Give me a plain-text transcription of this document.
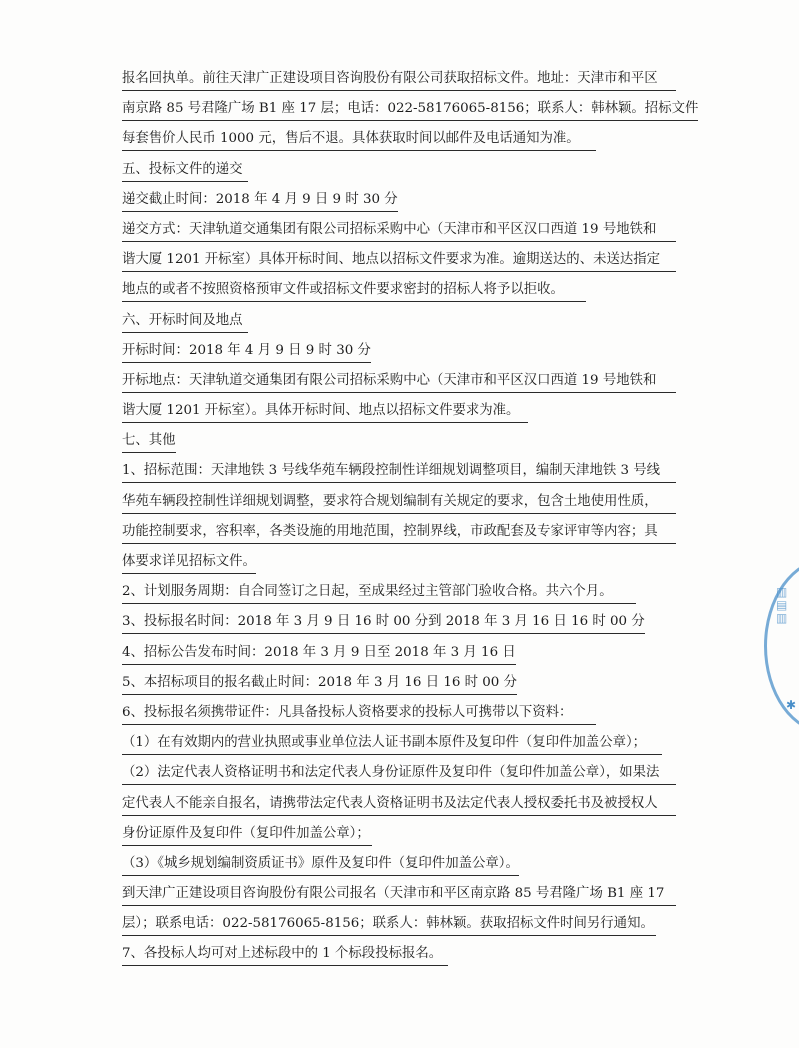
报名回执单。前往天津广正建设项目咨询股份有限公司获取招标文件。地址：天津市和平区
南京路 85 号君隆广场 B1 座 17 层；电话：022-58176065-8156；联系人：韩林颖。招标文件
每套售价人民币 1000 元，售后不退。具体获取时间以邮件及电话通知为准。
五、投标文件的递交
递交截止时间：2018 年 4 月 9 日 9 时 30 分
递交方式：天津轨道交通集团有限公司招标采购中心（天津市和平区汉口西道 19 号地铁和
谐大厦 1201 开标室）具体开标时间、地点以招标文件要求为准。逾期送达的、未送达指定
地点的或者不按照资格预审文件或招标文件要求密封的招标人将予以拒收。
六、开标时间及地点
开标时间：2018 年 4 月 9 日 9 时 30 分
开标地点：天津轨道交通集团有限公司招标采购中心（天津市和平区汉口西道 19 号地铁和
谐大厦 1201 开标室）。具体开标时间、地点以招标文件要求为准。
七、其他
1、招标范围：天津地铁 3 号线华苑车辆段控制性详细规划调整项目，编制天津地铁 3 号线
华苑车辆段控制性详细规划调整，要求符合规划编制有关规定的要求，包含土地使用性质，
功能控制要求，容积率，各类设施的用地范围，控制界线，市政配套及专家评审等内容；具
体要求详见招标文件。
2、计划服务周期：自合同签订之日起，至成果经过主管部门验收合格。共六个月。
3、投标报名时间：2018 年 3 月 9 日 16 时 00 分到 2018 年 3 月 16 日 16 时 00 分
4、招标公告发布时间：2018 年 3 月 9 日至 2018 年 3 月 16 日
5、本招标项目的报名截止时间：2018 年 3 月 16 日 16 时 00 分
6、投标报名须携带证件：凡具备投标人资格要求的投标人可携带以下资料：
（1）在有效期内的营业执照或事业单位法人证书副本原件及复印件（复印件加盖公章）；
（2）法定代表人资格证明书和法定代表人身份证原件及复印件（复印件加盖公章），如果法
定代表人不能亲自报名，请携带法定代表人资格证明书及法定代表人授权委托书及被授权人
身份证原件及复印件（复印件加盖公章）；
（3）《城乡规划编制资质证书》原件及复印件（复印件加盖公章）。
到天津广正建设项目咨询股份有限公司报名（天津市和平区南京路 85 号君隆广场 B1 座 17
层）；联系电话：022-58176065-8156；联系人：韩林颖。获取招标文件时间另行通知。
7、各投标人均可对上述标段中的 1 个标段投标报名。
▥
▤
▥
✱
